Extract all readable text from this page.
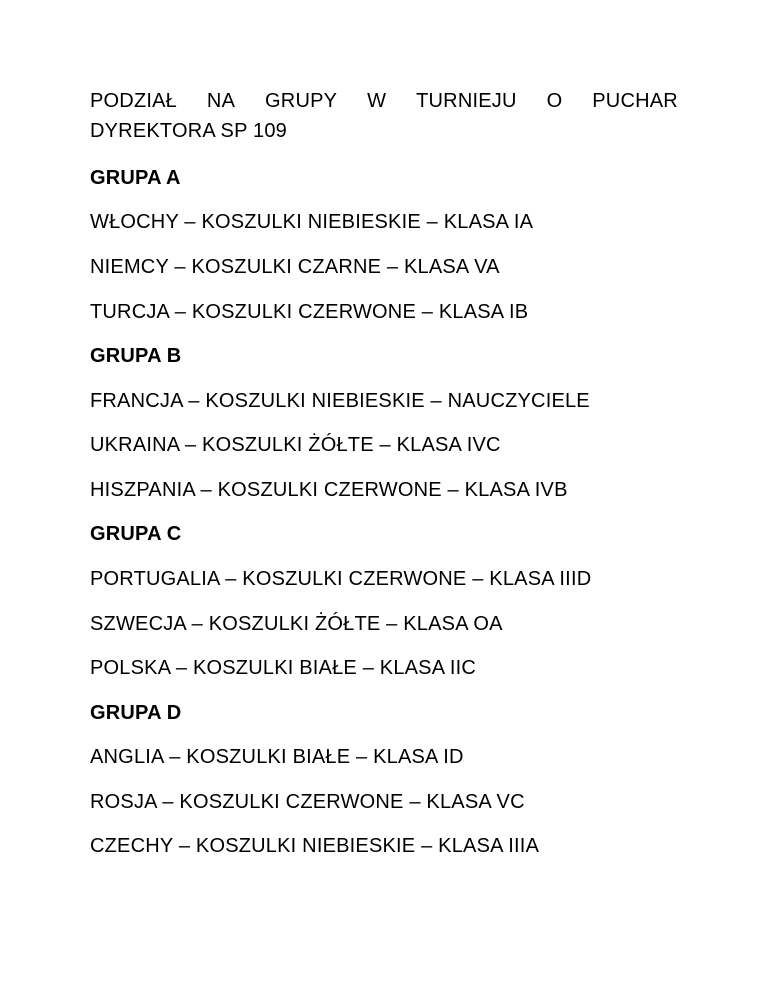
PODZIAŁ NA GRUPY W TURNIEJU O PUCHAR
DYREKTORA SP 109
GRUPA A
WŁOCHY – KOSZULKI NIEBIESKIE – KLASA IA
NIEMCY – KOSZULKI CZARNE – KLASA VA
TURCJA – KOSZULKI CZERWONE – KLASA IB
GRUPA B
FRANCJA – KOSZULKI NIEBIESKIE – NAUCZYCIELE
UKRAINA – KOSZULKI ŻÓŁTE – KLASA IVC
HISZPANIA – KOSZULKI CZERWONE – KLASA IVB
GRUPA C
PORTUGALIA – KOSZULKI CZERWONE – KLASA IIID
SZWECJA – KOSZULKI ŻÓŁTE – KLASA OA
POLSKA – KOSZULKI BIAŁE – KLASA IIC
GRUPA D
ANGLIA – KOSZULKI BIAŁE – KLASA ID
ROSJA – KOSZULKI CZERWONE – KLASA VC
CZECHY – KOSZULKI NIEBIESKIE – KLASA IIIA
